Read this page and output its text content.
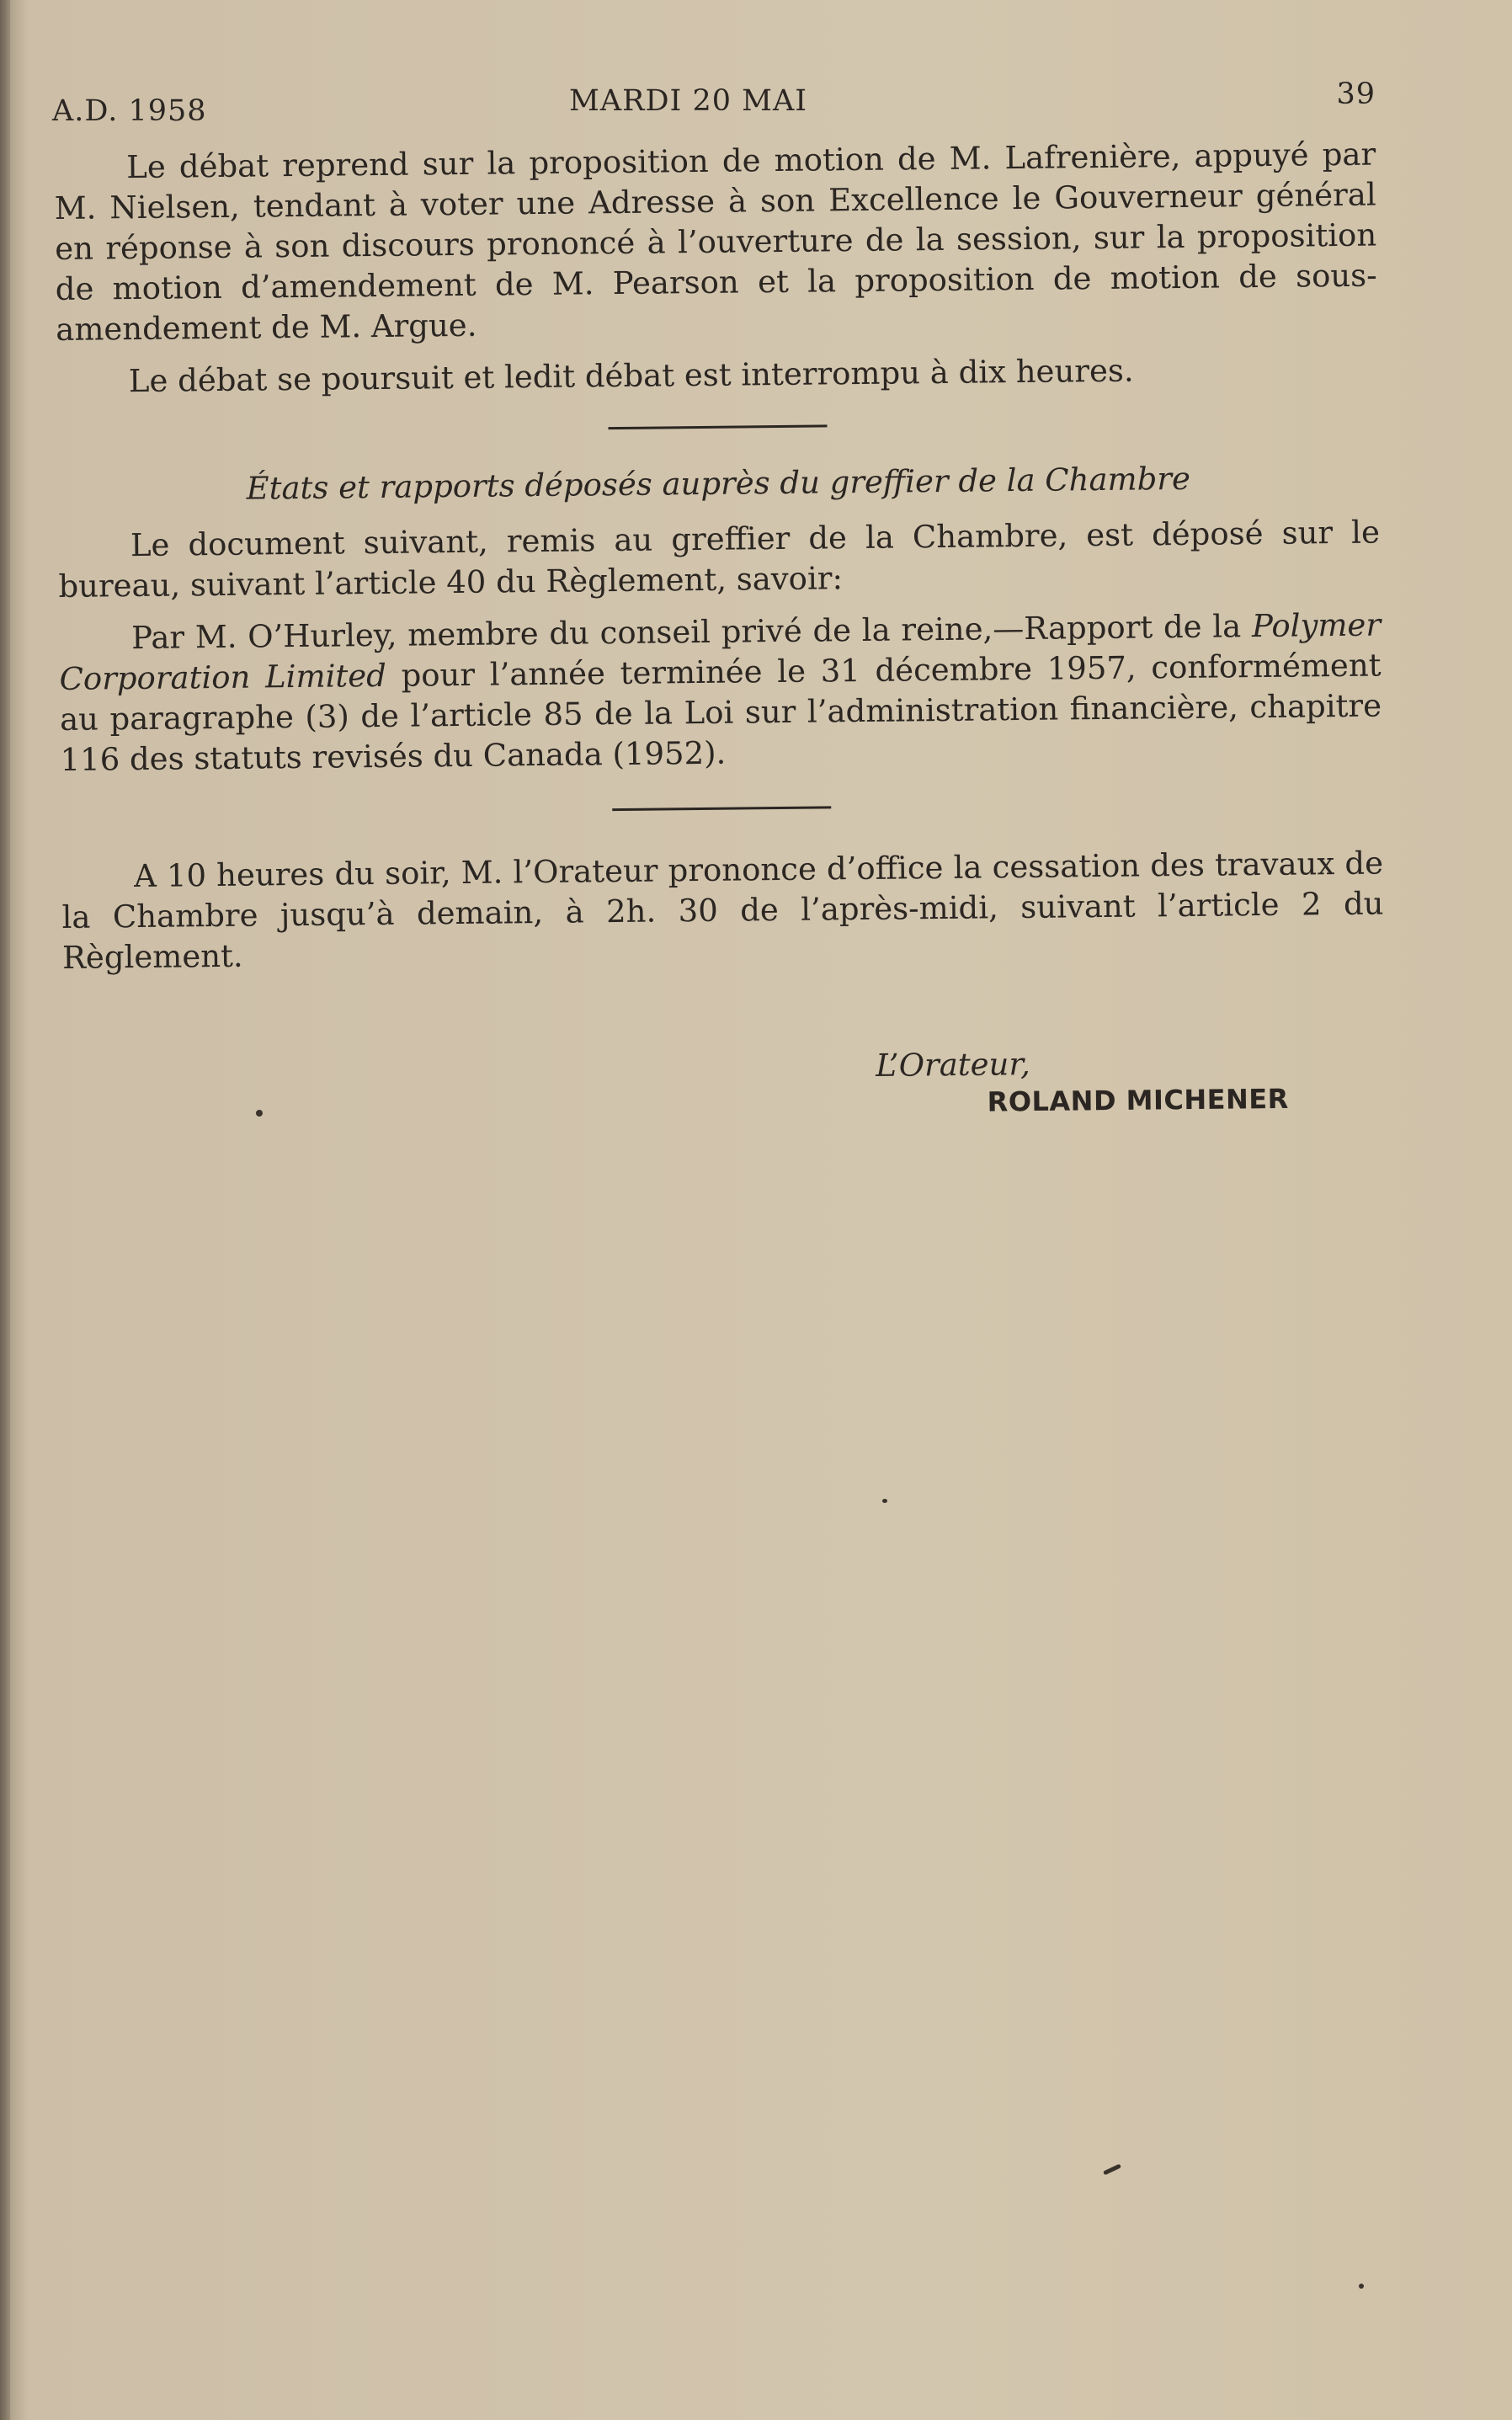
A.D. 1958	MARDI 20 MAI	39

Le débat reprend sur la proposition de motion de M. Lafrenière, appuyé par M. Nielsen, tendant à voter une Adresse à son Excellence le Gouverneur général en réponse à son discours prononcé à l’ouverture de la session, sur la proposition de motion d’amendement de M. Pearson et la proposition de motion de sous-amendement de M. Argue.

Le débat se poursuit et ledit débat est interrompu à dix heures.

États et rapports déposés auprès du greffier de la Chambre

Le document suivant, remis au greffier de la Chambre, est déposé sur le bureau, suivant l’article 40 du Règlement, savoir:

Par M. O’Hurley, membre du conseil privé de la reine,—Rapport de la Polymer Corporation Limited pour l’année terminée le 31 décembre 1957, conformément au paragraphe (3) de l’article 85 de la Loi sur l’administration financière, chapitre 116 des statuts revisés du Canada (1952).

A 10 heures du soir, M. l’Orateur prononce d’office la cessation des travaux de la Chambre jusqu’à demain, à 2h. 30 de l’après-midi, suivant l’article 2 du Règlement.

L’Orateur,
ROLAND MICHENER
